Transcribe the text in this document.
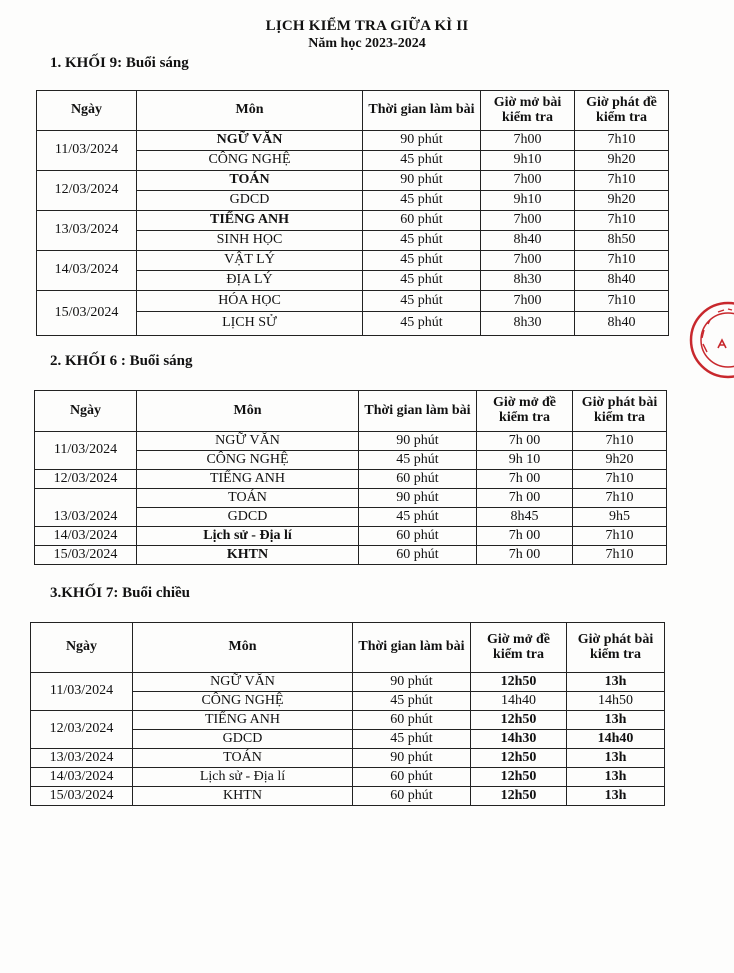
LỊCH KIỂM TRA GIỮA KÌ II
Năm học 2023-2024
1. KHỐI 9: Buổi sáng
Ngày	Môn	Thời gian làm bài	Giờ mở bài kiểm tra	Giờ phát đề kiểm tra
11/03/2024	NGỮ VĂN	90 phút	7h00	7h10
	CÔNG NGHỆ	45 phút	9h10	9h20
12/03/2024	TOÁN	90 phút	7h00	7h10
	GDCD	45 phút	9h10	9h20
13/03/2024	TIẾNG ANH	60 phút	7h00	7h10
	SINH HỌC	45 phút	8h40	8h50
14/03/2024	VẬT LÝ	45 phút	7h00	7h10
	ĐỊA LÝ	45 phút	8h30	8h40
15/03/2024	HÓA HỌC	45 phút	7h00	7h10
	LỊCH SỬ	45 phút	8h30	8h40
2. KHỐI 6 : Buổi sáng
Ngày	Môn	Thời gian làm bài	Giờ mở đề kiểm tra	Giờ phát bài kiểm tra
11/03/2024	NGỮ VĂN	90 phút	7h 00	7h10
	CÔNG NGHỆ	45 phút	9h 10	9h20
12/03/2024	TIẾNG ANH	60 phút	7h 00	7h10
13/03/2024	TOÁN	90 phút	7h 00	7h10
	GDCD	45 phút	8h45	9h5
14/03/2024	Lịch sử - Địa lí	60 phút	7h 00	7h10
15/03/2024	KHTN	60 phút	7h 00	7h10
3.KHỐI 7: Buổi chiều
Ngày	Môn	Thời gian làm bài	Giờ mở đề kiểm tra	Giờ phát bài kiểm tra
11/03/2024	NGỮ VĂN	90 phút	12h50	13h
	CÔNG NGHỆ	45 phút	14h40	14h50
12/03/2024	TIẾNG ANH	60 phút	12h50	13h
	GDCD	45 phút	14h30	14h40
13/03/2024	TOÁN	90 phút	12h50	13h
14/03/2024	Lịch sử - Địa lí	60 phút	12h50	13h
15/03/2024	KHTN	60 phút	12h50	13h
